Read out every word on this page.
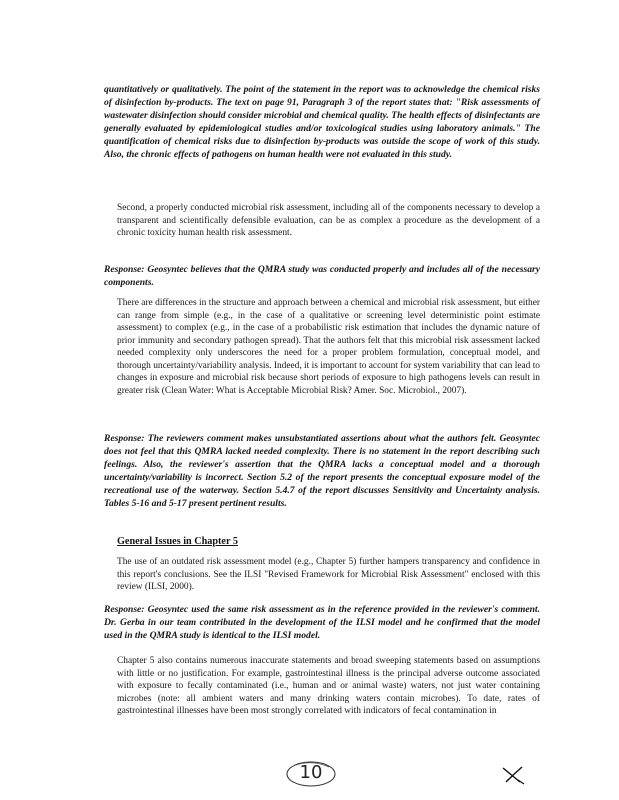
quantitatively or qualitatively. The point of the statement in the report was to acknowledge the chemical risks of disinfection by-products. The text on page 91, Paragraph 3 of the report states that: "Risk assessments of wastewater disinfection should consider microbial and chemical quality. The health effects of disinfectants are generally evaluated by epidemiological studies and/or toxicological studies using laboratory animals." The quantification of chemical risks due to disinfection by-products was outside the scope of work of this study. Also, the chronic effects of pathogens on human health were not evaluated in this study.

Second, a properly conducted microbial risk assessment, including all of the components necessary to develop a transparent and scientifically defensible evaluation, can be as complex a procedure as the development of a chronic toxicity human health risk assessment.

Response: Geosyntec believes that the QMRA study was conducted properly and includes all of the necessary components.

There are differences in the structure and approach between a chemical and microbial risk assessment, but either can range from simple (e.g., in the case of a qualitative or screening level deterministic point estimate assessment) to complex (e.g., in the case of a probabilistic risk estimation that includes the dynamic nature of prior immunity and secondary pathogen spread). That the authors felt that this microbial risk assessment lacked needed complexity only underscores the need for a proper problem formulation, conceptual model, and thorough uncertainty/variability analysis. Indeed, it is important to account for system variability that can lead to changes in exposure and microbial risk because short periods of exposure to high pathogens levels can result in greater risk (Clean Water: What is Acceptable Microbial Risk? Amer. Soc. Microbiol., 2007).

Response: The reviewers comment makes unsubstantiated assertions about what the authors felt. Geosyntec does not feel that this QMRA lacked needed complexity. There is no statement in the report describing such feelings. Also, the reviewer's assertion that the QMRA lacks a conceptual model and a thorough uncertainty/variability is incorrect. Section 5.2 of the report presents the conceptual exposure model of the recreational use of the waterway. Section 5.4.7 of the report discusses Sensitivity and Uncertainty analysis. Tables 5-16 and 5-17 present pertinent results.

General Issues in Chapter 5

The use of an outdated risk assessment model (e.g., Chapter 5) further hampers transparency and confidence in this report's conclusions. See the ILSI "Revised Framework for Microbial Risk Assessment" enclosed with this review (ILSI, 2000).

Response: Geosyntec used the same risk assessment as in the reference provided in the reviewer's comment. Dr. Gerba in our team contributed in the development of the ILSI model and he confirmed that the model used in the QMRA study is identical to the ILSI model.

Chapter 5 also contains numerous inaccurate statements and broad sweeping statements based on assumptions with little or no justification. For example, gastrointestinal illness is the principal adverse outcome associated with exposure to fecally contaminated (i.e., human and or animal waste) waters, not just water containing microbes (note: all ambient waters and many drinking waters contain microbes). To date, rates of gastrointestinal illnesses have been most strongly correlated with indicators of fecal contamination in

10
